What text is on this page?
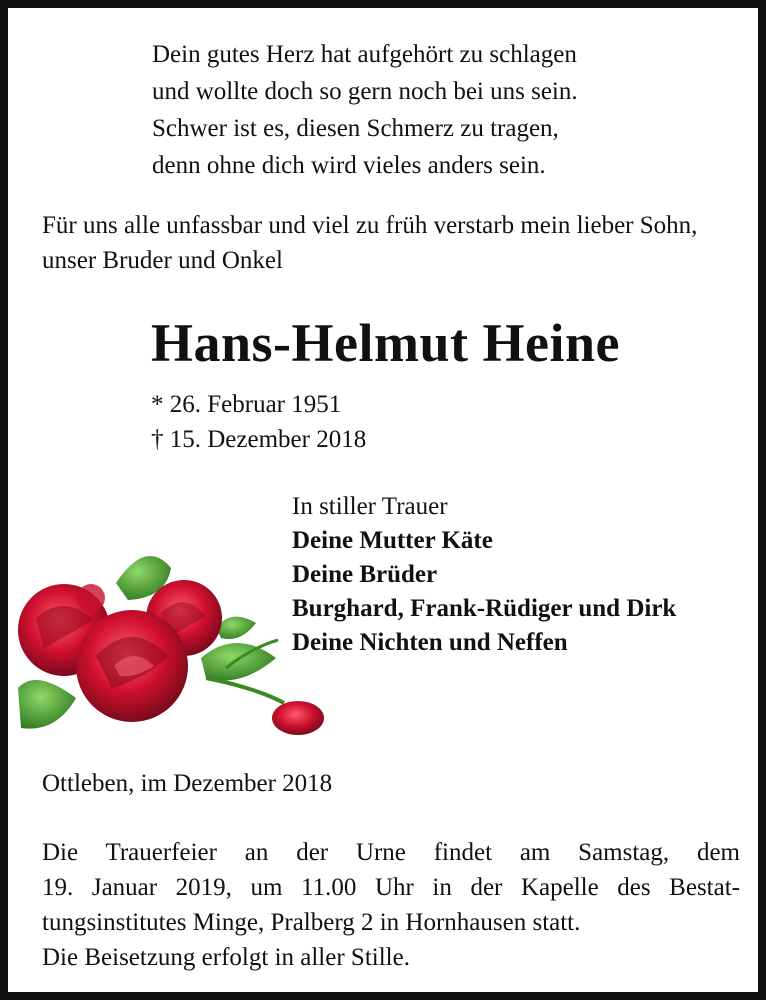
Dein gutes Herz hat aufgehört zu schlagen
und wollte doch so gern noch bei uns sein.
Schwer ist es, diesen Schmerz zu tragen,
denn ohne dich wird vieles anders sein.
Für uns alle unfassbar und viel zu früh verstarb mein lieber Sohn, unser Bruder und Onkel
Hans-Helmut Heine
* 26. Februar 1951
† 15. Dezember 2018
In stiller Trauer
Deine Mutter Käte
Deine Brüder
Burghard, Frank-Rüdiger und Dirk
Deine Nichten und Neffen
Ottleben, im Dezember 2018
Die Trauerfeier an der Urne findet am Samstag, dem
19. Januar 2019, um 11.00 Uhr in der Kapelle des Bestat-
tungsinstitutes Minge, Pralberg 2 in Hornhausen statt.
Die Beisetzung erfolgt in aller Stille.
